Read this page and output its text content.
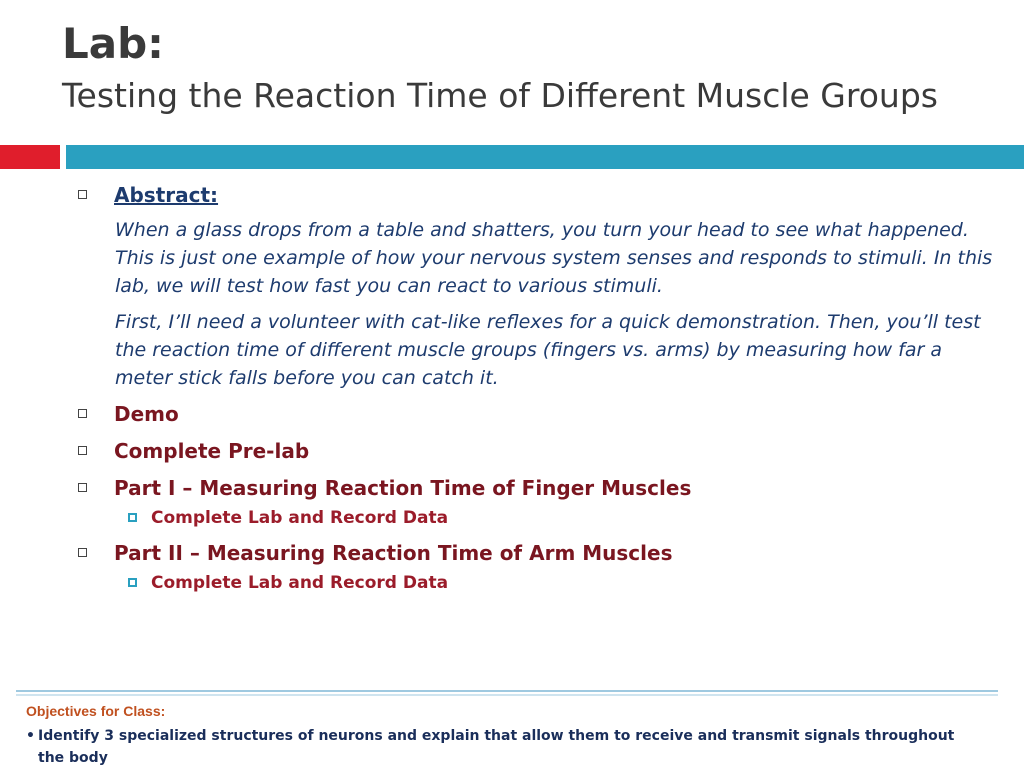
Lab:
Testing the Reaction Time of Different Muscle Groups
Abstract:
When a glass drops from a table and shatters, you turn your head to see what happened. This is just one example of how your nervous system senses and responds to stimuli. In this lab, we will test how fast you can react to various stimuli.
First, I’ll need a volunteer with cat-like reflexes for a quick demonstration. Then, you’ll test the reaction time of different muscle groups (fingers vs. arms) by measuring how far a meter stick falls before you can catch it.
Demo
Complete Pre-lab
Part I – Measuring Reaction Time of Finger Muscles
Complete Lab and Record Data
Part II – Measuring Reaction Time of Arm Muscles
Complete Lab and Record Data
Objectives for Class:
• Identify 3 specialized structures of neurons and explain that allow them to receive and transmit signals throughout
the body
